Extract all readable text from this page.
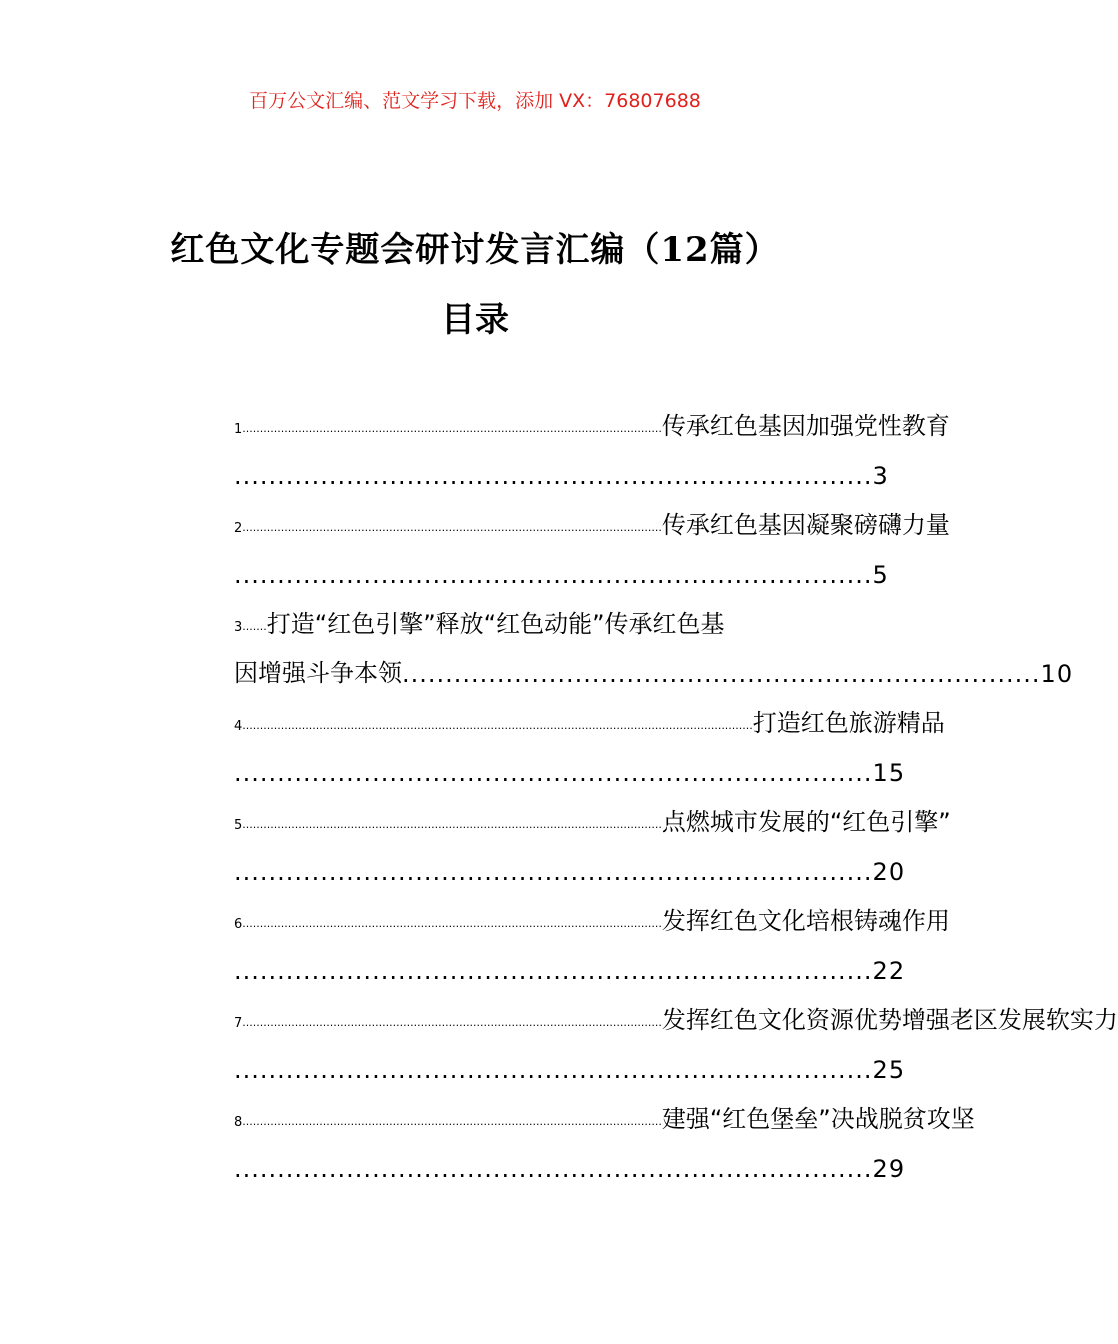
百万公文汇编、范文学习下载，添加 VX：76807688
红色文化专题会研讨发言汇编（12篇）
目录
1 ........................................................................................................................ 传承红色基因加强党性教育
.......................................................................... 3
2 ........................................................................................................................ 传承红色基因凝聚磅礴力量
.......................................................................... 5
3 ....... 打造“红色引擎”释放“红色动能”传承红色基
因增强斗争本领 .......................................................................... 10
4 .................................................................................................................................................. 打造红色旅游精品
.......................................................................... 15
5 ........................................................................................................................ 点燃城市发展的“红色引擎”
.......................................................................... 20
6 ........................................................................................................................ 发挥红色文化培根铸魂作用
.......................................................................... 22
7 ........................................................................................................................ 发挥红色文化资源优势增强老区发展软实力
.......................................................................... 25
8 ........................................................................................................................ 建强“红色堡垒”决战脱贫攻坚
.......................................................................... 29
